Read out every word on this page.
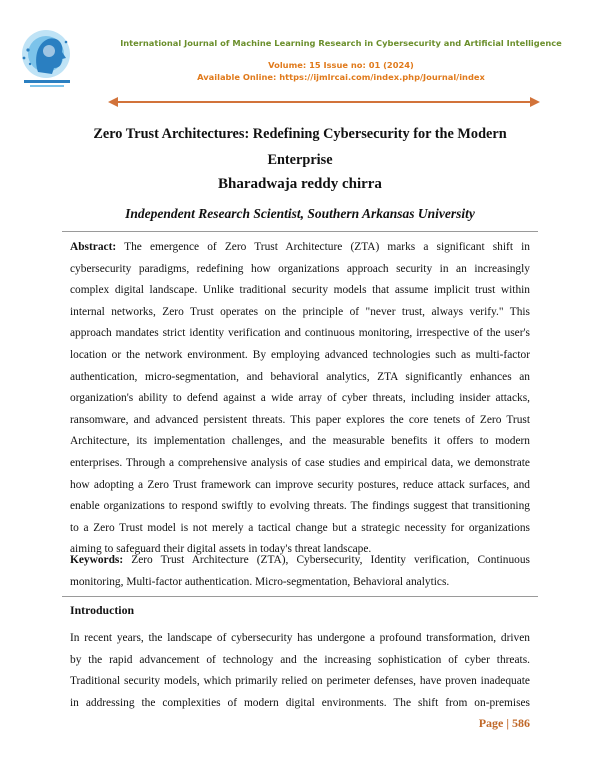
International Journal of Machine Learning Research in Cybersecurity and Artificial Intelligence
Volume: 15 Issue no: 01 (2024)
Available Online: https://ijmlrcai.com/index.php/Journal/index
Zero Trust Architectures: Redefining Cybersecurity for the Modern
Enterprise
Bharadwaja reddy chirra
Independent Research Scientist, Southern Arkansas University
Abstract: The emergence of Zero Trust Architecture (ZTA) marks a significant shift in
cybersecurity paradigms, redefining how organizations approach security in an increasingly
complex digital landscape. Unlike traditional security models that assume implicit trust within
internal networks, Zero Trust operates on the principle of "never trust, always verify." This
approach mandates strict identity verification and continuous monitoring, irrespective of the user's
location or the network environment. By employing advanced technologies such as multi-factor
authentication, micro-segmentation, and behavioral analytics, ZTA significantly enhances an
organization's ability to defend against a wide array of cyber threats, including insider attacks,
ransomware, and advanced persistent threats. This paper explores the core tenets of Zero Trust
Architecture, its implementation challenges, and the measurable benefits it offers to modern
enterprises. Through a comprehensive analysis of case studies and empirical data, we demonstrate
how adopting a Zero Trust framework can improve security postures, reduce attack surfaces, and
enable organizations to respond swiftly to evolving threats. The findings suggest that transitioning
to a Zero Trust model is not merely a tactical change but a strategic necessity for organizations
aiming to safeguard their digital assets in today's threat landscape.
Keywords: Zero Trust Architecture (ZTA), Cybersecurity, Identity verification, Continuous
monitoring, Multi-factor authentication. Micro-segmentation, Behavioral analytics.
Introduction
In recent years, the landscape of cybersecurity has undergone a profound transformation, driven
by the rapid advancement of technology and the increasing sophistication of cyber threats.
Traditional security models, which primarily relied on perimeter defenses, have proven inadequate
in addressing the complexities of modern digital environments. The shift from on-premises
Page | 586
